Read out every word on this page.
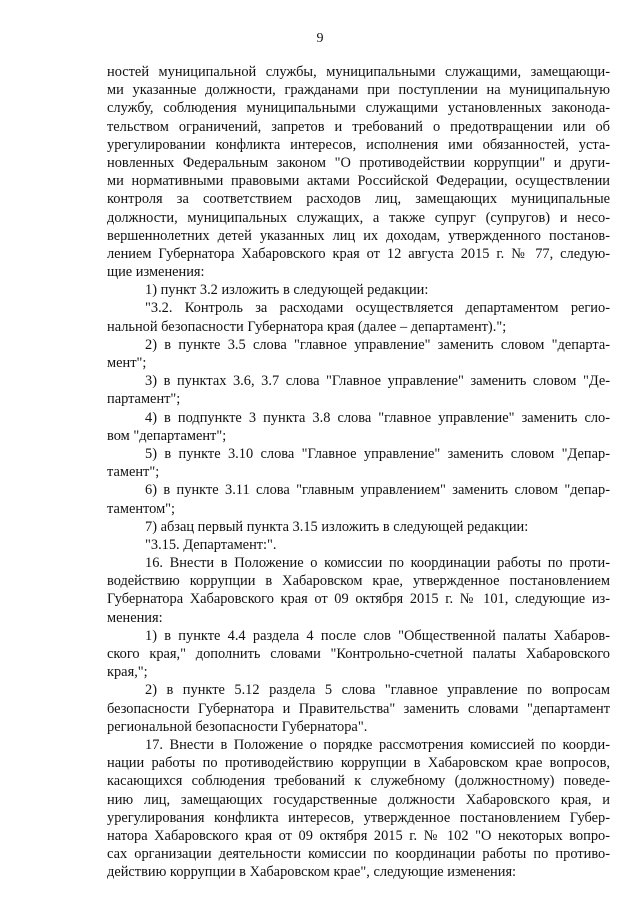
9
ностей муниципальной службы, муниципальными служащими, замещающи-
ми указанные должности, гражданами при поступлении на муниципальную
службу, соблюдения муниципальными служащими установленных законода-
тельством ограничений, запретов и требований о предотвращении или об
урегулировании конфликта интересов, исполнения ими обязанностей, уста-
новленных Федеральным законом "О противодействии коррупции" и други-
ми нормативными правовыми актами Российской Федерации, осуществлении
контроля за соответствием расходов лиц, замещающих муниципальные
должности, муниципальных служащих, а также супруг (супругов) и несо-
вершеннолетних детей указанных лиц их доходам, утвержденного постанов-
лением Губернатора Хабаровского края от 12 августа 2015 г. № 77, следую-
щие изменения:
1) пункт 3.2 изложить в следующей редакции:
"3.2. Контроль за расходами осуществляется департаментом регио-
нальной безопасности Губернатора края (далее – департамент).";
2) в пункте 3.5 слова "главное управление" заменить словом "департа-
мент";
3) в пунктах 3.6, 3.7 слова "Главное управление" заменить словом "Де-
партамент";
4) в подпункте 3 пункта 3.8 слова "главное управление" заменить сло-
вом "департамент";
5) в пункте 3.10 слова "Главное управление" заменить словом "Депар-
тамент";
6) в пункте 3.11 слова "главным управлением" заменить словом "депар-
таментом";
7) абзац первый пункта 3.15 изложить в следующей редакции:
"3.15. Департамент:".
16. Внести в Положение о комиссии по координации работы по проти-
водействию коррупции в Хабаровском крае, утвержденное постановлением
Губернатора Хабаровского края от 09 октября 2015 г. № 101, следующие из-
менения:
1) в пункте 4.4 раздела 4 после слов "Общественной палаты Хабаров-
ского края," дополнить словами "Контрольно-счетной палаты Хабаровского
края,";
2) в пункте 5.12 раздела 5 слова "главное управление по вопросам
безопасности Губернатора и Правительства" заменить словами "департамент
региональной безопасности Губернатора".
17. Внести в Положение о порядке рассмотрения комиссией по коорди-
нации работы по противодействию коррупции в Хабаровском крае вопросов,
касающихся соблюдения требований к служебному (должностному) поведе-
нию лиц, замещающих государственные должности Хабаровского края, и
урегулирования конфликта интересов, утвержденное постановлением Губер-
натора Хабаровского края от 09 октября 2015 г. № 102 "О некоторых вопро-
сах организации деятельности комиссии по координации работы по противо-
действию коррупции в Хабаровском крае", следующие изменения:
